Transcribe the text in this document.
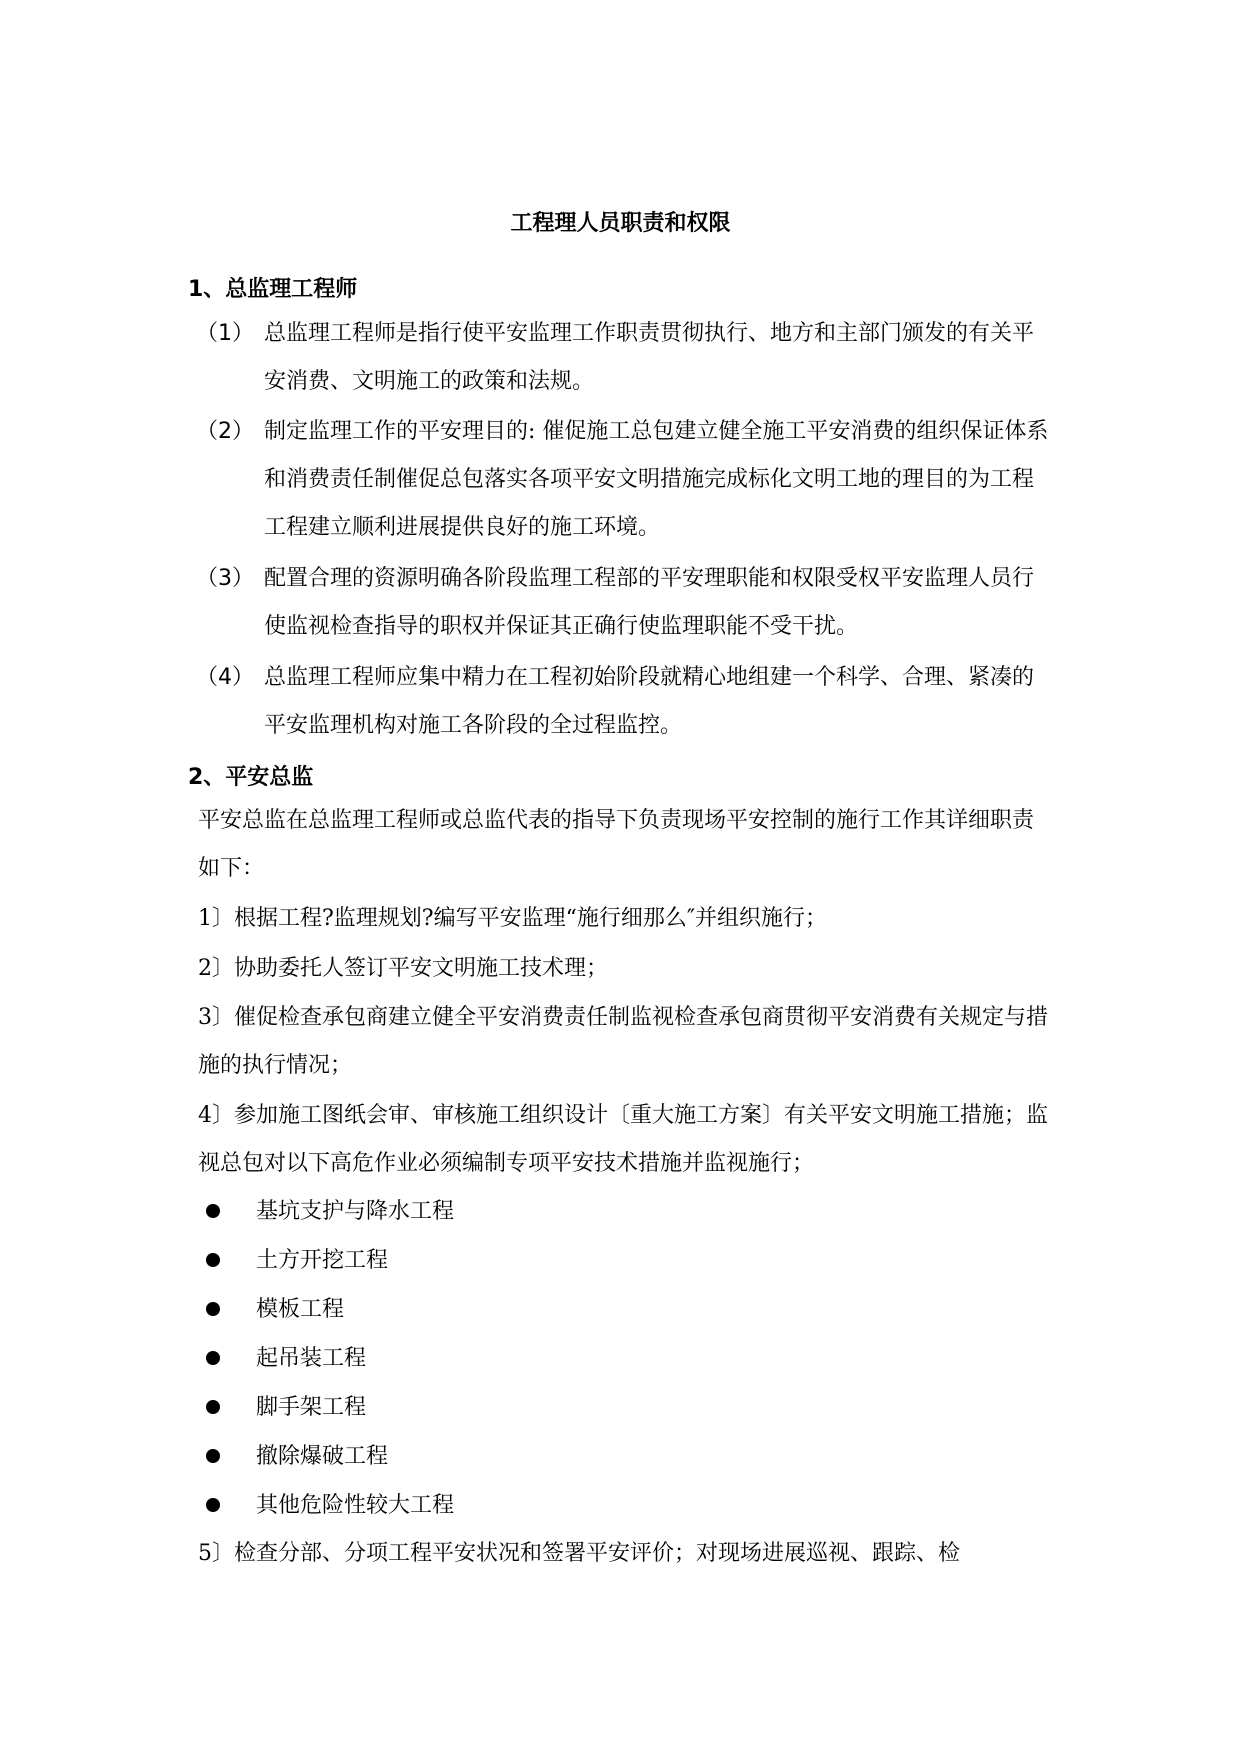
工程理人员职责和权限
1、总监理工程师
（1） 总监理工程师是指行使平安监理工作职责贯彻执行、地方和主部门颁发的有关平安消费、文明施工的政策和法规。
（2） 制定监理工作的平安理目的: 催促施工总包建立健全施工平安消费的组织保证体系和消费责任制催促总包落实各项平安文明措施完成标化文明工地的理目的为工程工程建立顺利进展提供良好的施工环境。
（3） 配置合理的资源明确各阶段监理工程部的平安理职能和权限受权平安监理人员行使监视检查指导的职权并保证其正确行使监理职能不受干扰。
（4） 总监理工程师应集中精力在工程初始阶段就精心地组建一个科学、合理、紧凑的平安监理机构对施工各阶段的全过程监控。
2、平安总监
平安总监在总监理工程师或总监代表的指导下负责现场平安控制的施行工作其详细职责如下：
1〕根据工程?监理规划?编写平安监理“施行细那么″并组织施行；
2〕协助委托人签订平安文明施工技术理；
3〕催促检查承包商建立健全平安消费责任制监视检查承包商贯彻平安消费有关规定与措施的执行情况；
4〕参加施工图纸会审、审核施工组织设计〔重大施工方案〕有关平安文明施工措施；监视总包对以下高危作业必须编制专项平安技术措施并监视施行；
基坑支护与降水工程
土方开挖工程
模板工程
起吊装工程
脚手架工程
撤除爆破工程
其他危险性较大工程
5〕检查分部、分项工程平安状况和签署平安评价；对现场进展巡视、跟踪、检
